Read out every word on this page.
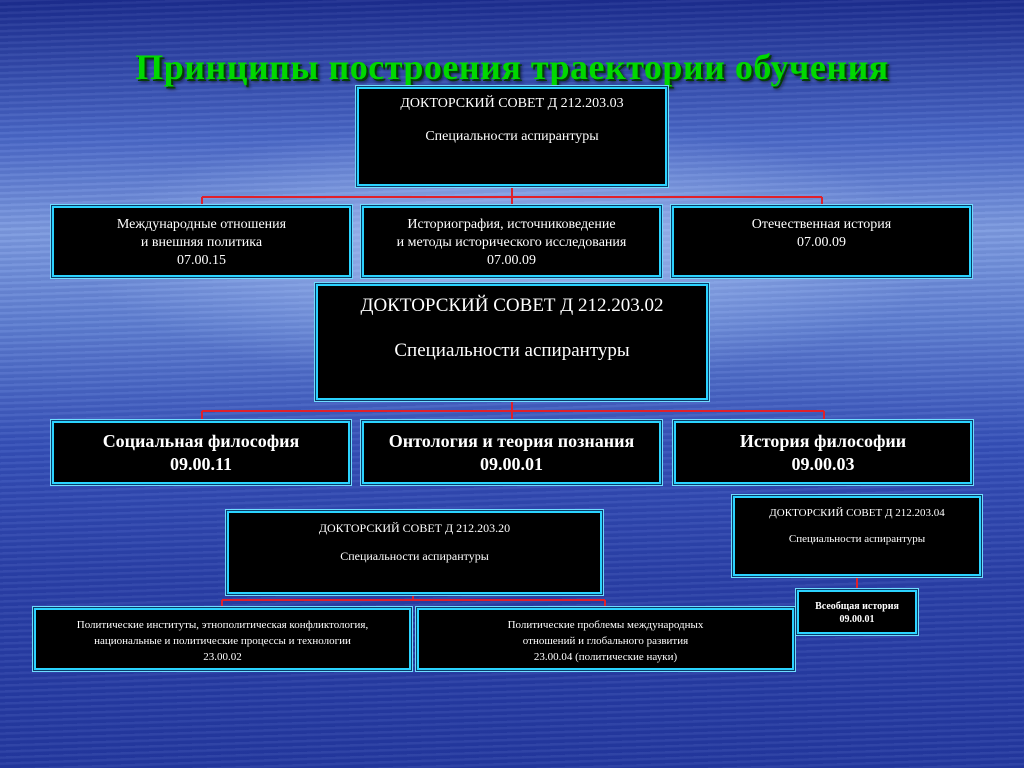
Принципы построения траектории обучения
ДОКТОРСКИЙ СОВЕТ Д 212.203.03
Специальности аспирантуры
Международные отношения
и внешняя политика
07.00.15
Историография, источниковедение
и методы исторического исследования
07.00.09
Отечественная история
07.00.09
ДОКТОРСКИЙ СОВЕТ Д 212.203.02
Специальности аспирантуры
Социальная философия
09.00.11
Онтология и теория познания
09.00.01
История философии
09.00.03
ДОКТОРСКИЙ СОВЕТ Д 212.203.20
Специальности аспирантуры
Политические институты, этнополитическая конфликтология,
национальные и политические процессы и технологии
23.00.02
Политические проблемы международных
отношений и глобального развития
23.00.04 (политические науки)
ДОКТОРСКИЙ СОВЕТ Д 212.203.04
Специальности аспирантуры
Всеобщая история
09.00.01
